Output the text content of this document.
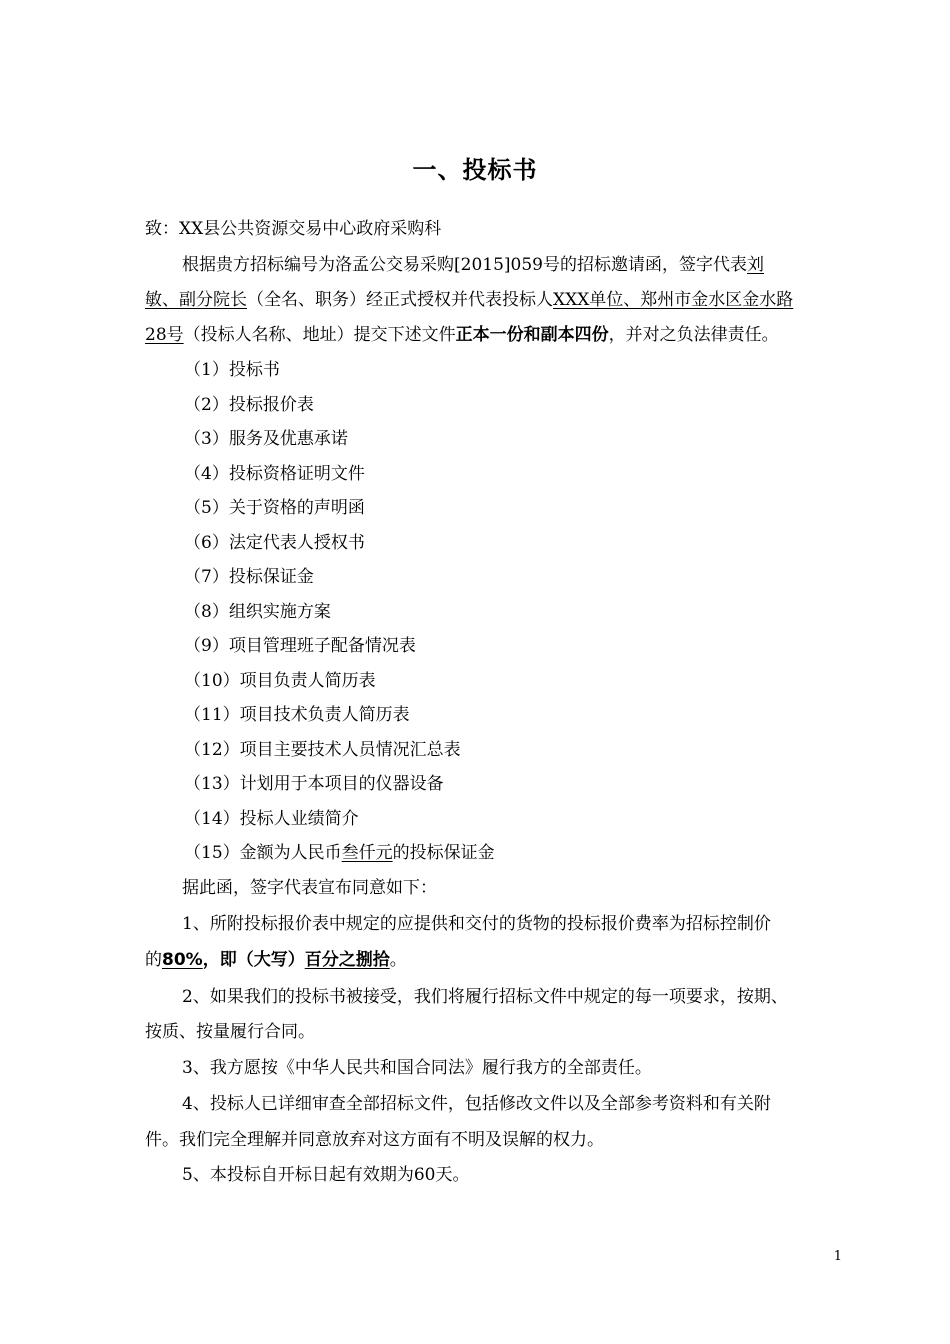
一、投标书
致：XX县公共资源交易中心政府采购科
根据贵方招标编号为洛孟公交易采购[2015]059号的招标邀请函，签字代表刘
敏、副分院长（全名、职务）经正式授权并代表投标人XXX单位、郑州市金水区金水路
28号（投标人名称、地址）提交下述文件正本一份和副本四份，并对之负法律责任。
（1）投标书
（2）投标报价表
（3）服务及优惠承诺
（4）投标资格证明文件
（5）关于资格的声明函
（6）法定代表人授权书
（7）投标保证金
（8）组织实施方案
（9）项目管理班子配备情况表
（10）项目负责人简历表
（11）项目技术负责人简历表
（12）项目主要技术人员情况汇总表
（13）计划用于本项目的仪器设备
（14）投标人业绩简介
（15）金额为人民币叁仟元的投标保证金
据此函，签字代表宣布同意如下：
1、所附投标报价表中规定的应提供和交付的货物的投标报价费率为招标控制价
的80%，即（大写）百分之捌拾。
2、如果我们的投标书被接受，我们将履行招标文件中规定的每一项要求，按期、
按质、按量履行合同。
3、我方愿按《中华人民共和国合同法》履行我方的全部责任。
4、投标人已详细审查全部招标文件，包括修改文件以及全部参考资料和有关附
件。我们完全理解并同意放弃对这方面有不明及误解的权力。
5、本投标自开标日起有效期为60天。
1
